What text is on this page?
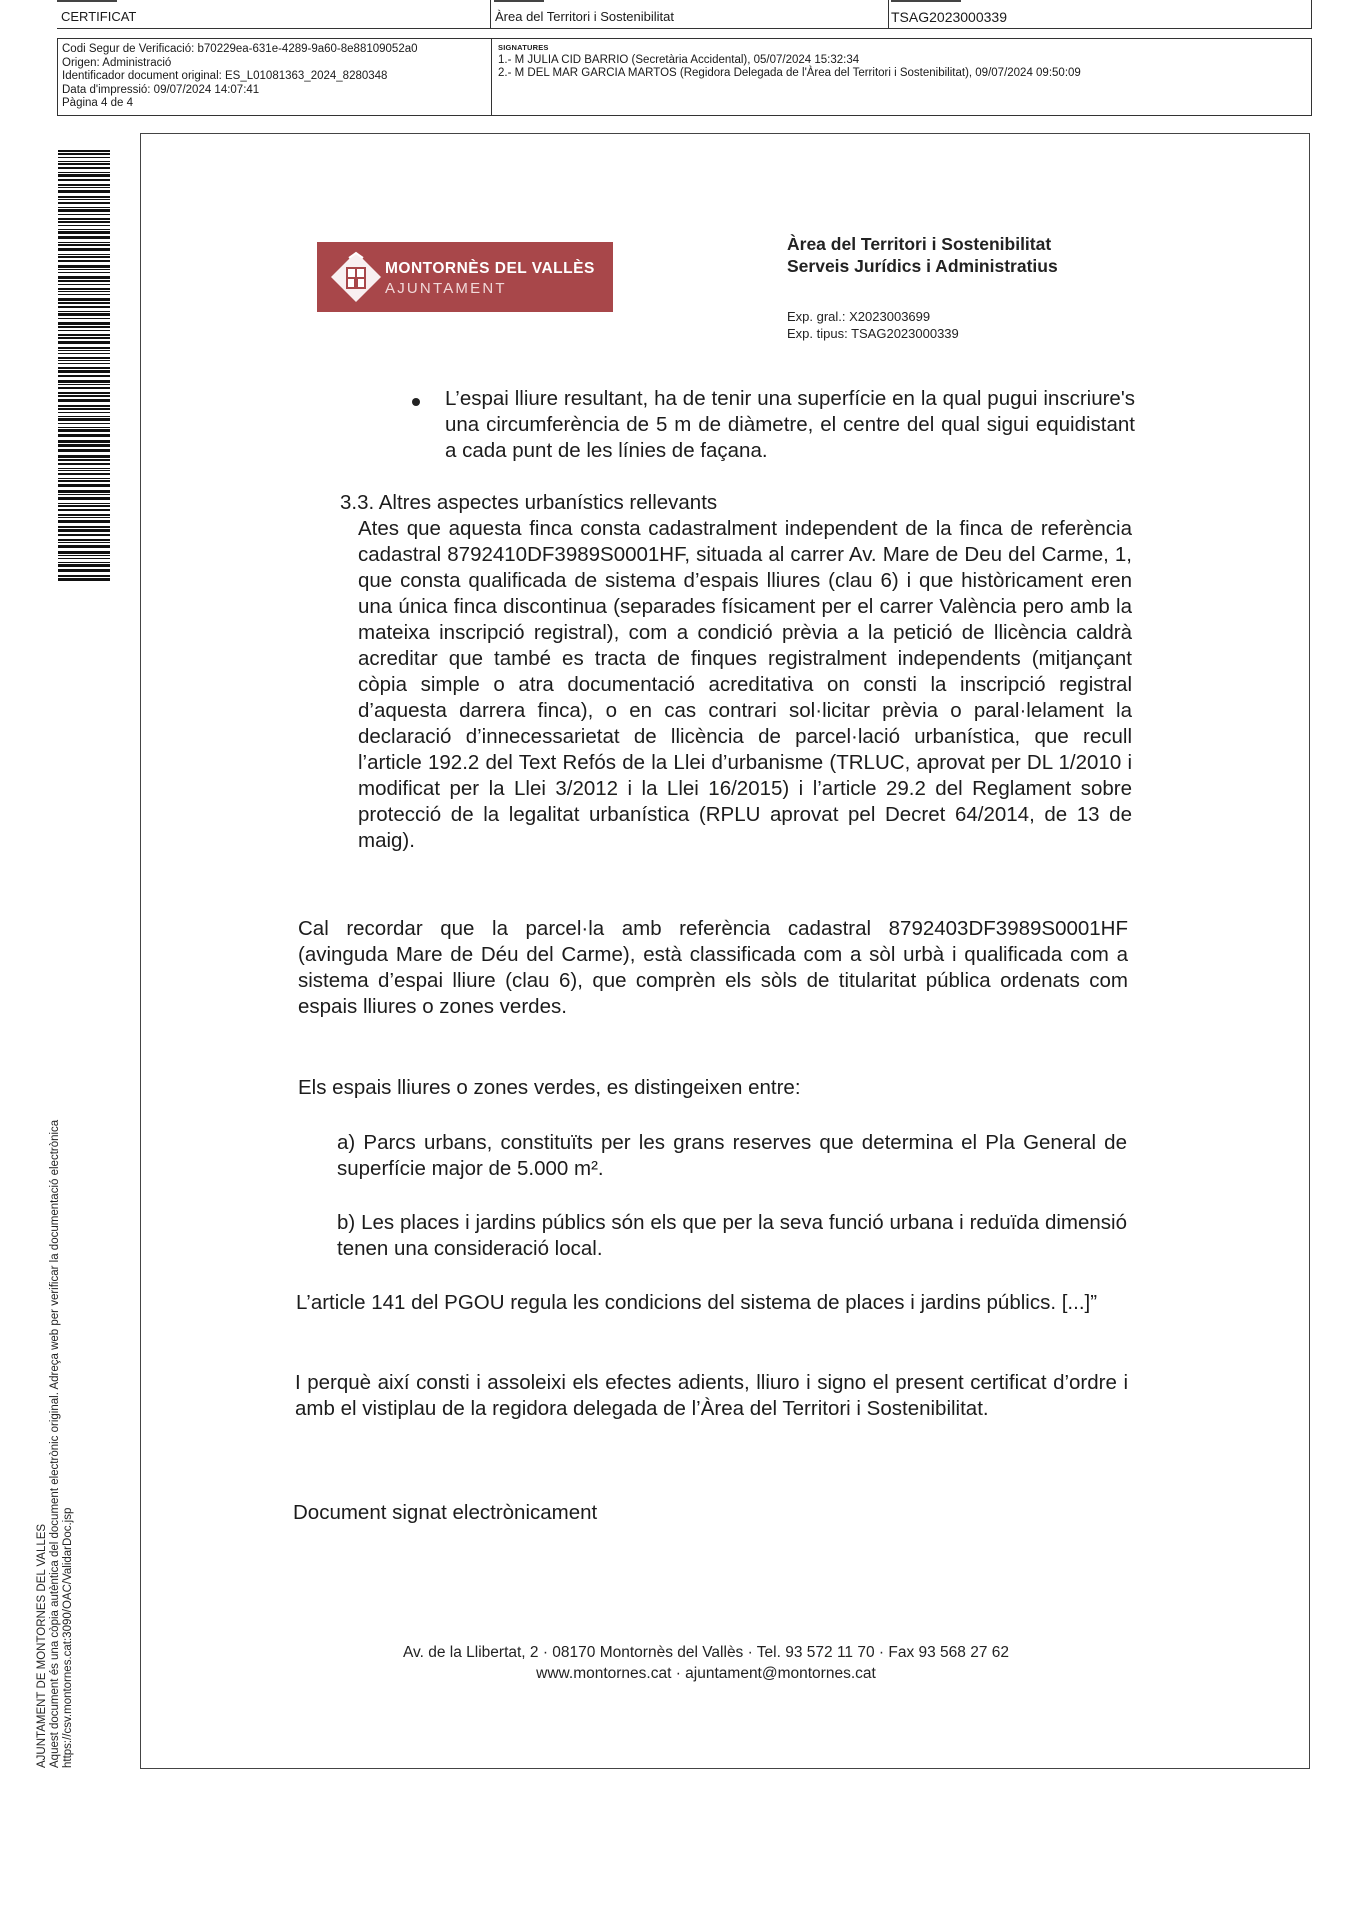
CERTIFICAT	Àrea del Territori i Sostenibilitat	TSAG2023000339
Codi Segur de Verificació: b70229ea-631e-4289-9a60-8e88109052a0
Origen: Administració
Identificador document original: ES_L01081363_2024_8280348
Data d'impressió: 09/07/2024 14:07:41
Pàgina 4 de 4
SIGNATURES
1.- M JULIA CID BARRIO (Secretària Accidental), 05/07/2024 15:32:34
2.- M DEL MAR GARCIA MARTOS (Regidora Delegada de l'Àrea del Territori i Sostenibilitat), 09/07/2024 09:50:09
AJUNTAMENT DE MONTORNES DEL VALLES Aquest document és una còpia autèntica del document electrònic original. Adreça web per verificar la documentació electrònica https://csv.montornes.cat:3090/OAC/ValidarDoc.jsp
MONTORNÈS DEL VALLÈS
AJUNTAMENT
Àrea del Territori i Sostenibilitat
Serveis Jurídics i Administratius
Exp. gral.: X2023003699
Exp. tipus: TSAG2023000339

L’espai lliure resultant, ha de tenir una superfície en la qual pugui inscriure's una circumferència de 5 m de diàmetre, el centre del qual sigui equidistant a cada punt de les línies de façana.

3.3. Altres aspectes urbanístics rellevants

Ates que aquesta finca consta cadastralment independent de la finca de referència cadastral 8792410DF3989S0001HF, situada al carrer Av. Mare de Deu del Carme, 1, que consta qualificada de sistema d’espais lliures (clau 6) i que històricament eren una única finca discontinua (separades físicament per el carrer València pero amb la mateixa inscripció registral), com a condició prèvia a la petició de llicència caldrà acreditar que també es tracta de finques registralment independents (mitjançant còpia simple o atra documentació acreditativa on consti la inscripció registral d’aquesta darrera finca), o en cas contrari sol·licitar prèvia o paral·lelament la declaració d’innecessarietat de llicència de parcel·lació urbanística, que recull l’article 192.2 del Text Refós de la Llei d’urbanisme (TRLUC, aprovat per DL 1/2010 i modificat per la Llei 3/2012 i la Llei 16/2015) i l’article 29.2 del Reglament sobre protecció de la legalitat urbanística (RPLU aprovat pel Decret 64/2014, de 13 de maig).

Cal recordar que la parcel·la amb referència cadastral 8792403DF3989S0001HF (avinguda Mare de Déu del Carme), està classificada com a sòl urbà i qualificada com a sistema d’espai lliure (clau 6), que comprèn els sòls de titularitat pública ordenats com espais lliures o zones verdes.

Els espais lliures o zones verdes, es distingeixen entre:

a) Parcs urbans, constituïts per les grans reserves que determina el Pla General de superfície major de 5.000 m².

b) Les places i jardins públics són els que per la seva funció urbana i reduïda dimensió tenen una consideració local.

L’article 141 del PGOU regula les condicions del sistema de places i jardins públics. [...]”

I perquè així consti i assoleixi els efectes adients, lliuro i signo el present certificat d’ordre i amb el vistiplau de la regidora delegada de l’Àrea del Territori i Sostenibilitat.

Document signat electrònicament

Av. de la Llibertat, 2 · 08170 Montornès del Vallès · Tel. 93 572 11 70 · Fax 93 568 27 62
www.montornes.cat · ajuntament@montornes.cat
